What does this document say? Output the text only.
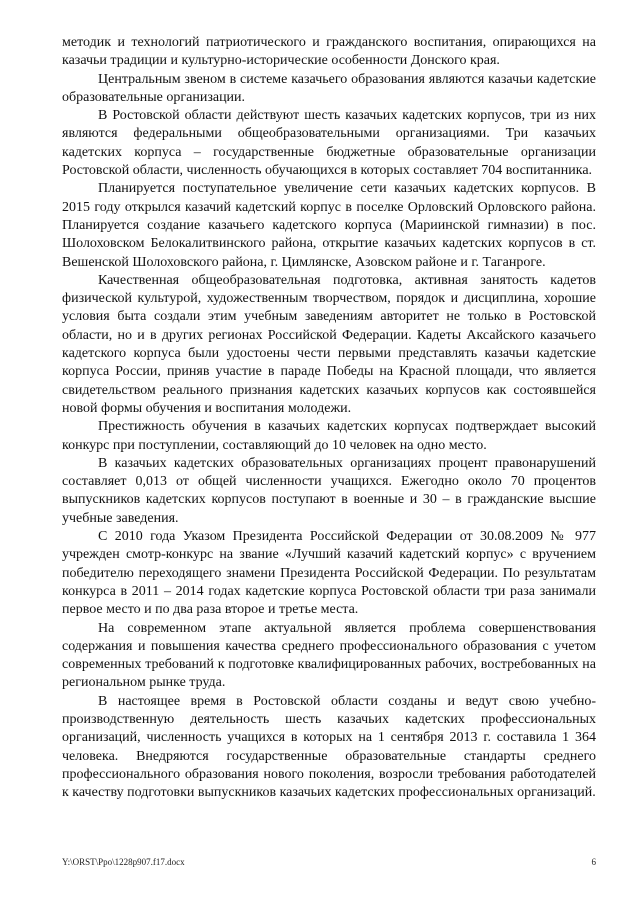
методик и технологий патриотического и гражданского воспитания, опирающихся на казачьи традиции и культурно-исторические особенности Донского края.

Центральным звеном в системе казачьего образования являются казачьи кадетские образовательные организации.

В Ростовской области действуют шесть казачьих кадетских корпусов, три из них являются федеральными общеобразовательными организациями. Три казачьих кадетских корпуса – государственные бюджетные образовательные организации Ростовской области, численность обучающихся в которых составляет 704 воспитанника.

Планируется поступательное увеличение сети казачьих кадетских корпусов. В 2015 году открылся казачий кадетский корпус в поселке Орловский Орловского района. Планируется создание казачьего кадетского корпуса (Мариинской гимназии) в пос. Шолоховском Белокалитвинского района, открытие казачьих кадетских корпусов в ст. Вешенской Шолоховского района, г. Цимлянске, Азовском районе и г. Таганроге.

Качественная общеобразовательная подготовка, активная занятость кадетов физической культурой, художественным творчеством, порядок и дисциплина, хорошие условия быта создали этим учебным заведениям авторитет не только в Ростовской области, но и в других регионах Российской Федерации. Кадеты Аксайского казачьего кадетского корпуса были удостоены чести первыми представлять казачьи кадетские корпуса России, приняв участие в параде Победы на Красной площади, что является свидетельством реального признания кадетских казачьих корпусов как состоявшейся новой формы обучения и воспитания молодежи.

Престижность обучения в казачьих кадетских корпусах подтверждает высокий конкурс при поступлении, составляющий до 10 человек на одно место.

В казачьих кадетских образовательных организациях процент правонарушений составляет 0,013 от общей численности учащихся. Ежегодно около 70 процентов выпускников кадетских корпусов поступают в военные и 30 – в гражданские высшие учебные заведения.

С 2010 года Указом Президента Российской Федерации от 30.08.2009 № 977 учрежден смотр-конкурс на звание «Лучший казачий кадетский корпус» с вручением победителю переходящего знамени Президента Российской Федерации. По результатам конкурса в 2011 – 2014 годах кадетские корпуса Ростовской области три раза занимали первое место и по два раза второе и третье места.

На современном этапе актуальной является проблема совершенствования содержания и повышения качества среднего профессионального образования с учетом современных требований к подготовке квалифицированных рабочих, востребованных на региональном рынке труда.

В настоящее время в Ростовской области созданы и ведут свою учебно-производственную деятельность шесть казачьих кадетских профессиональных организаций, численность учащихся в которых на 1 сентября 2013 г. составила 1 364 человека. Внедряются государственные образовательные стандарты среднего профессионального образования нового поколения, возросли требования работодателей к качеству подготовки выпускников казачьих кадетских профессиональных организаций.

Y:\ORST\Ppo\1228p907.f17.docx	6
